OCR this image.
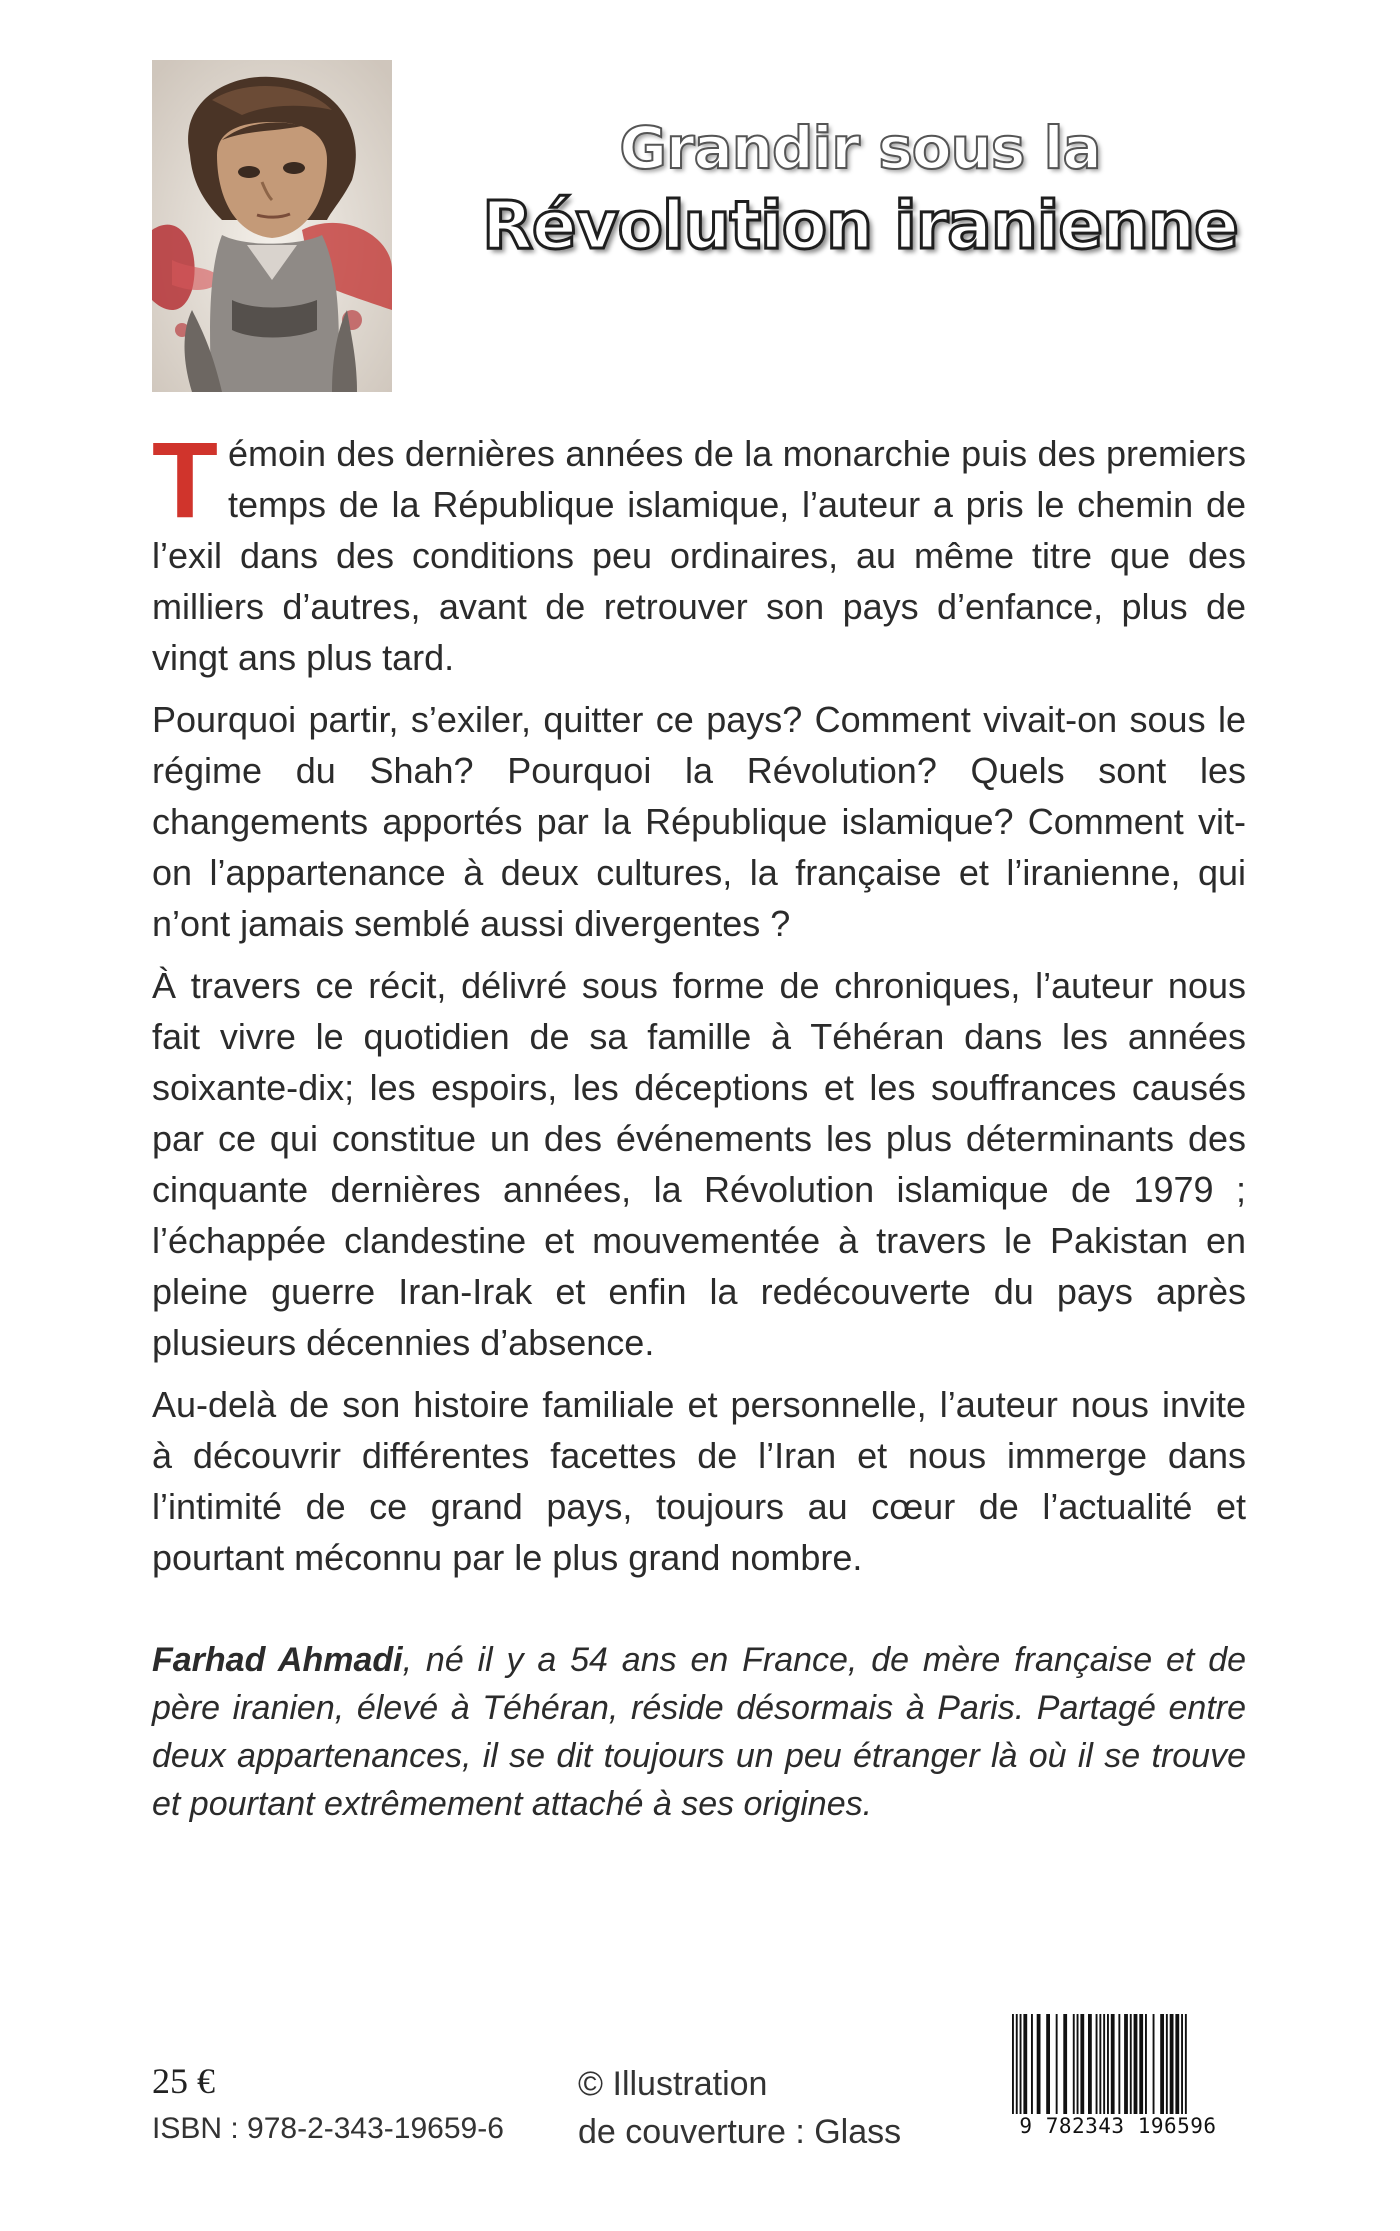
Grandir sous la
Révolution iranienne

Témoin des dernières années de la monarchie puis des premiers temps de la République islamique, l’auteur a pris le chemin de l’exil dans des conditions peu ordinaires, au même titre que des milliers d’autres, avant de retrouver son pays d’enfance, plus de vingt ans plus tard.

Pourquoi partir, s’exiler, quitter ce pays? Comment vivait-on sous le régime du Shah? Pourquoi la Révolution? Quels sont les changements apportés par la République islamique? Comment vit-on l’appartenance à deux cultures, la française et l’iranienne, qui n’ont jamais semblé aussi divergentes ?

À travers ce récit, délivré sous forme de chroniques, l’auteur nous fait vivre le quotidien de sa famille à Téhéran dans les années soixante-dix; les espoirs, les déceptions et les souffrances causés par ce qui constitue un des événements les plus déterminants des cinquante dernières années, la Révolution islamique de 1979 ; l’échappée clandestine et mouvementée à travers le Pakistan en pleine guerre Iran-Irak et enfin la redécouverte du pays après plusieurs décennies d’absence.

Au-delà de son histoire familiale et personnelle, l’auteur nous invite à découvrir différentes facettes de l’Iran et nous immerge dans l’intimité de ce grand pays, toujours au cœur de l’actualité et pourtant méconnu par le plus grand nombre.

Farhad Ahmadi, né il y a 54 ans en France, de mère française et de père iranien, élevé à Téhéran, réside désormais à Paris. Partagé entre deux appartenances, il se dit toujours un peu étranger là où il se trouve et pourtant extrêmement attaché à ses origines.
25 €
ISBN : 978-2-343-19659-6
© Illustration
de couverture : Glass	9 782343 196596
